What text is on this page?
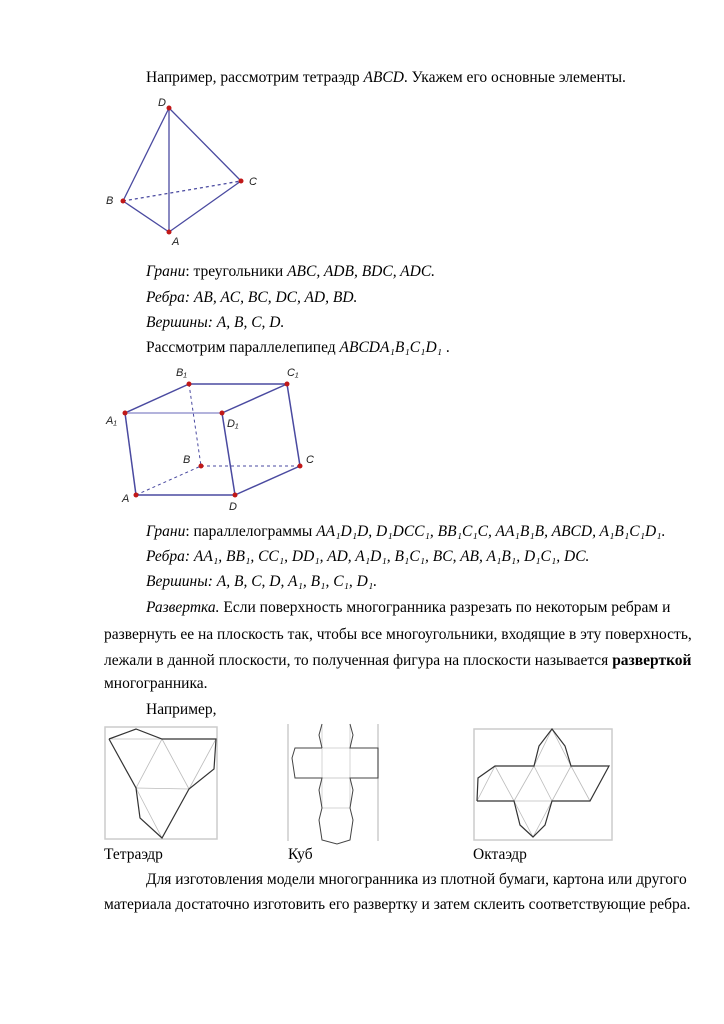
Например, рассмотрим тетраэдр ABCD. Укажем его основные элементы.
D
C
B
A
B₁	C₁
A₁	D₁
B	C
A
D
Грани: треугольники ABC, ADB, BDC, ADC.
Ребра: AB, AC, BC, DC, AD, BD.
Вершины: A, B, C, D.
Рассмотрим параллелепипед ABCDA₁B₁C₁D₁ .
Грани: параллелограммы AA₁D₁D, D₁DCC₁, BB₁C₁C, AA₁B₁B, ABCD, A₁B₁C₁D₁.
Ребра: AA₁, BB₁, CC₁, DD₁, AD, A₁D₁, B₁C₁, BC, AB, A₁B₁, D₁C₁, DC.
Вершины: A, B, C, D, A₁, B₁, C₁, D₁.
Развертка. Если поверхность многогранника разрезать по некоторым ребрам и
развернуть ее на плоскость так, чтобы все многоугольники, входящие в эту поверхность,
лежали в данной плоскости, то полученная фигура на плоскости называется разверткой
многогранника.
Например,
Тетраэдр	Куб	Октаэдр
Для изготовления модели многогранника из плотной бумаги, картона или другого
материала достаточно изготовить его развертку и затем склеить соответствующие ребра.
